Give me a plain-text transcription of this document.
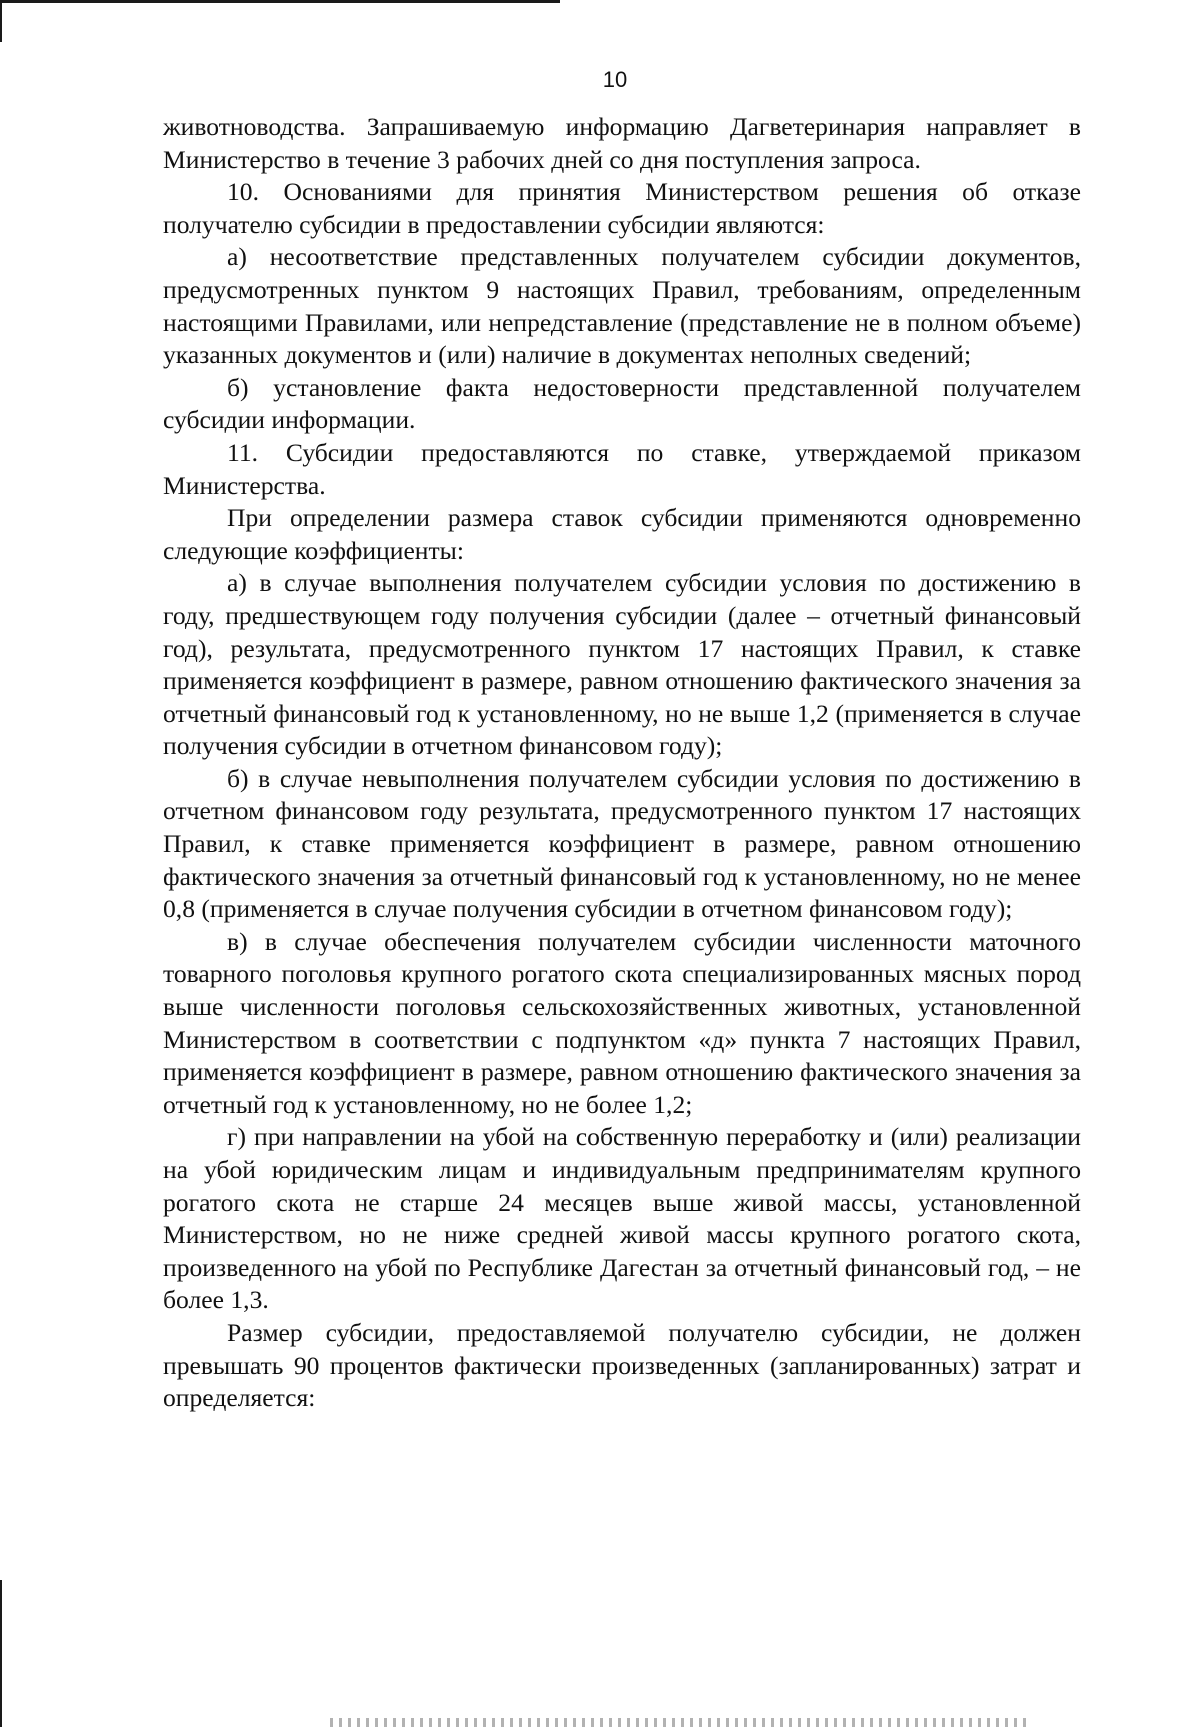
10

животноводства. Запрашиваемую информацию Дагветеринария направляет в Министерство в течение 3 рабочих дней со дня поступления запроса.

10. Основаниями для принятия Министерством решения об отказе получателю субсидии в предоставлении субсидии являются:

а) несоответствие представленных получателем субсидии документов, предусмотренных пунктом 9 настоящих Правил, требованиям, определенным настоящими Правилами, или непредставление (представление не в полном объеме) указанных документов и (или) наличие в документах неполных сведений;

б) установление факта недостоверности представленной получателем субсидии информации.

11. Субсидии предоставляются по ставке, утверждаемой приказом Министерства.

При определении размера ставок субсидии применяются одновременно следующие коэффициенты:

а) в случае выполнения получателем субсидии условия по достижению в году, предшествующем году получения субсидии (далее – отчетный финансовый год), результата, предусмотренного пунктом 17 настоящих Правил, к ставке применяется коэффициент в размере, равном отношению фактического значения за отчетный финансовый год к установленному, но не выше 1,2 (применяется в случае получения субсидии в отчетном финансовом году);

б) в случае невыполнения получателем субсидии условия по достижению в отчетном финансовом году результата, предусмотренного пунктом 17 настоящих Правил, к ставке применяется коэффициент в размере, равном отношению фактического значения за отчетный финансовый год к установленному, но не менее 0,8 (применяется в случае получения субсидии в отчетном финансовом году);

в) в случае обеспечения получателем субсидии численности маточного товарного поголовья крупного рогатого скота специализированных мясных пород выше численности поголовья сельскохозяйственных животных, установленной Министерством в соответствии с подпунктом «д» пункта 7 настоящих Правил, применяется коэффициент в размере, равном отношению фактического значения за отчетный год к установленному, но не более 1,2;

г) при направлении на убой на собственную переработку и (или) реализации на убой юридическим лицам и индивидуальным предпринимателям крупного рогатого скота не старше 24 месяцев выше живой массы, установленной Министерством, но не ниже средней живой массы крупного рогатого скота, произведенного на убой по Республике Дагестан за отчетный финансовый год, – не более 1,3.

Размер субсидии, предоставляемой получателю субсидии, не должен превышать 90 процентов фактически произведенных (запланированных) затрат и определяется:
